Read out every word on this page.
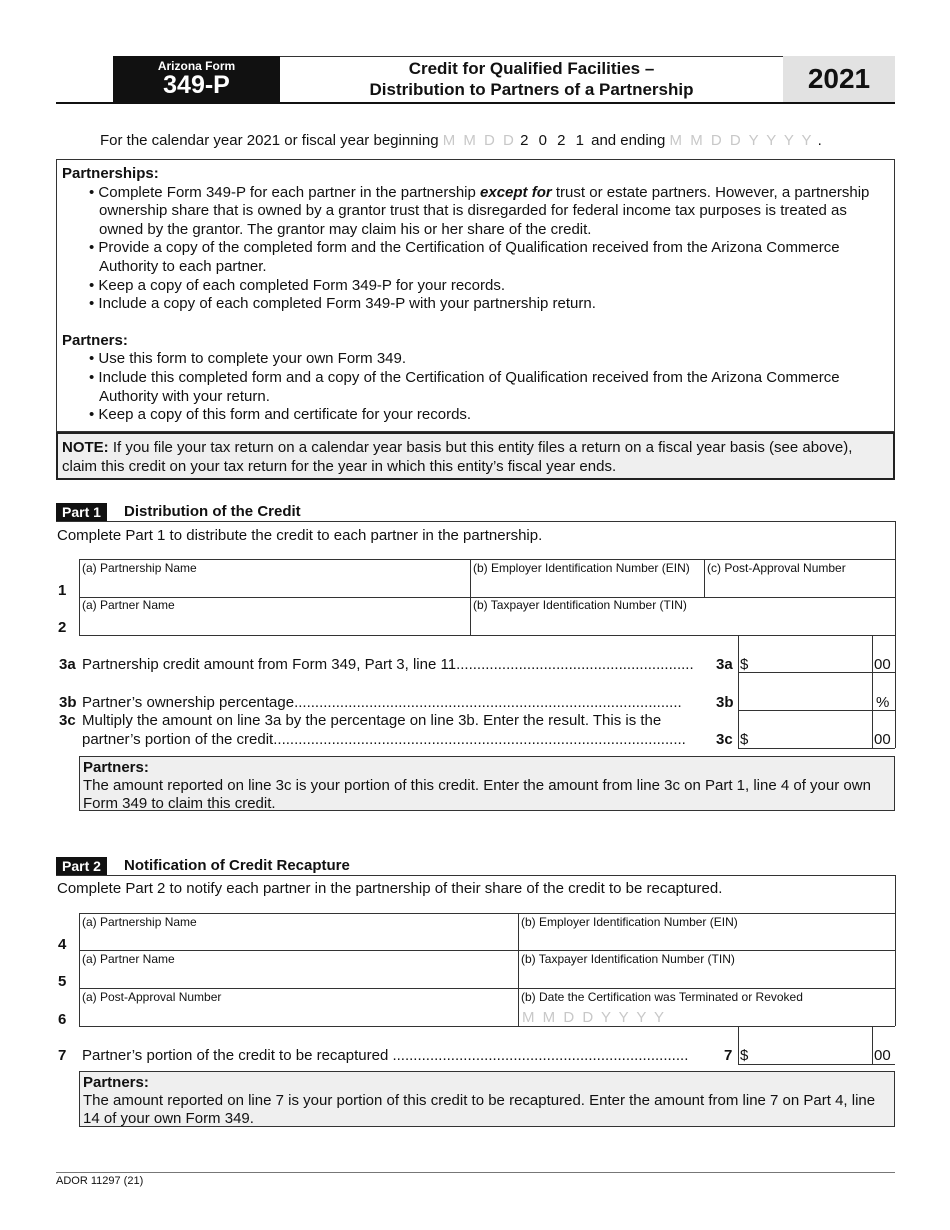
Arizona Form
349-P
Credit for Qualified Facilities –
Distribution to Partners of a Partnership	2021
For the calendar year 2021 or fiscal year beginning M M D D 2 0 2 1 and ending M M D D Y Y Y Y .
Partnerships:
• Complete Form 349-P for each partner in the partnership except for trust or estate partners. However, a partnership ownership share that is owned by a grantor trust that is disregarded for federal income tax purposes is treated as owned by the grantor. The grantor may claim his or her share of the credit.
• Provide a copy of the completed form and the Certification of Qualification received from the Arizona Commerce Authority to each partner.
• Keep a copy of each completed Form 349-P for your records.
• Include a copy of each completed Form 349-P with your partnership return.
Partners:
• Use this form to complete your own Form 349.
• Include this completed form and a copy of the Certification of Qualification received from the Arizona Commerce Authority with your return.
• Keep a copy of this form and certificate for your records.
NOTE: If you file your tax return on a calendar year basis but this entity files a return on a fiscal year basis (see above), claim this credit on your tax return for the year in which this entity’s fiscal year ends.
Part 1	Distribution of the Credit
Complete Part 1 to distribute the credit to each partner in the partnership.
1
(a) Partnership Name	(b) Employer Identification Number (EIN) (c) Post-Approval Number
2
(a) Partner Name	(b) Taxpayer Identification Number (TIN)
3a Partnership credit amount from Form 349, Part 3, line 11......................................................... 3a $	00
3b Partner’s ownership percentage............................................................................................. 3b	%
3c Multiply the amount on line 3a by the percentage on line 3b. Enter the result. This is the
partner’s portion of the credit................................................................................................... 3c $	00
Partners:
The amount reported on line 3c is your portion of this credit. Enter the amount from line 3c on Part 1, line 4 of your own Form 349 to claim this credit.
Part 2	Notification of Credit Recapture
Complete Part 2 to notify each partner in the partnership of their share of the credit to be recaptured.
4
(a) Partnership Name	(b) Employer Identification Number (EIN)
5
(a) Partner Name	(b) Taxpayer Identification Number (TIN)
6
(a) Post-Approval Number	(b) Date the Certification was Terminated or Revoked
M M D D Y Y Y Y
7 Partner’s portion of the credit to be recaptured ....................................................................... 7 $	00
Partners:
The amount reported on line 7 is your portion of this credit to be recaptured. Enter the amount from line 7 on Part 4, line 14 of your own Form 349.
ADOR 11297 (21)
